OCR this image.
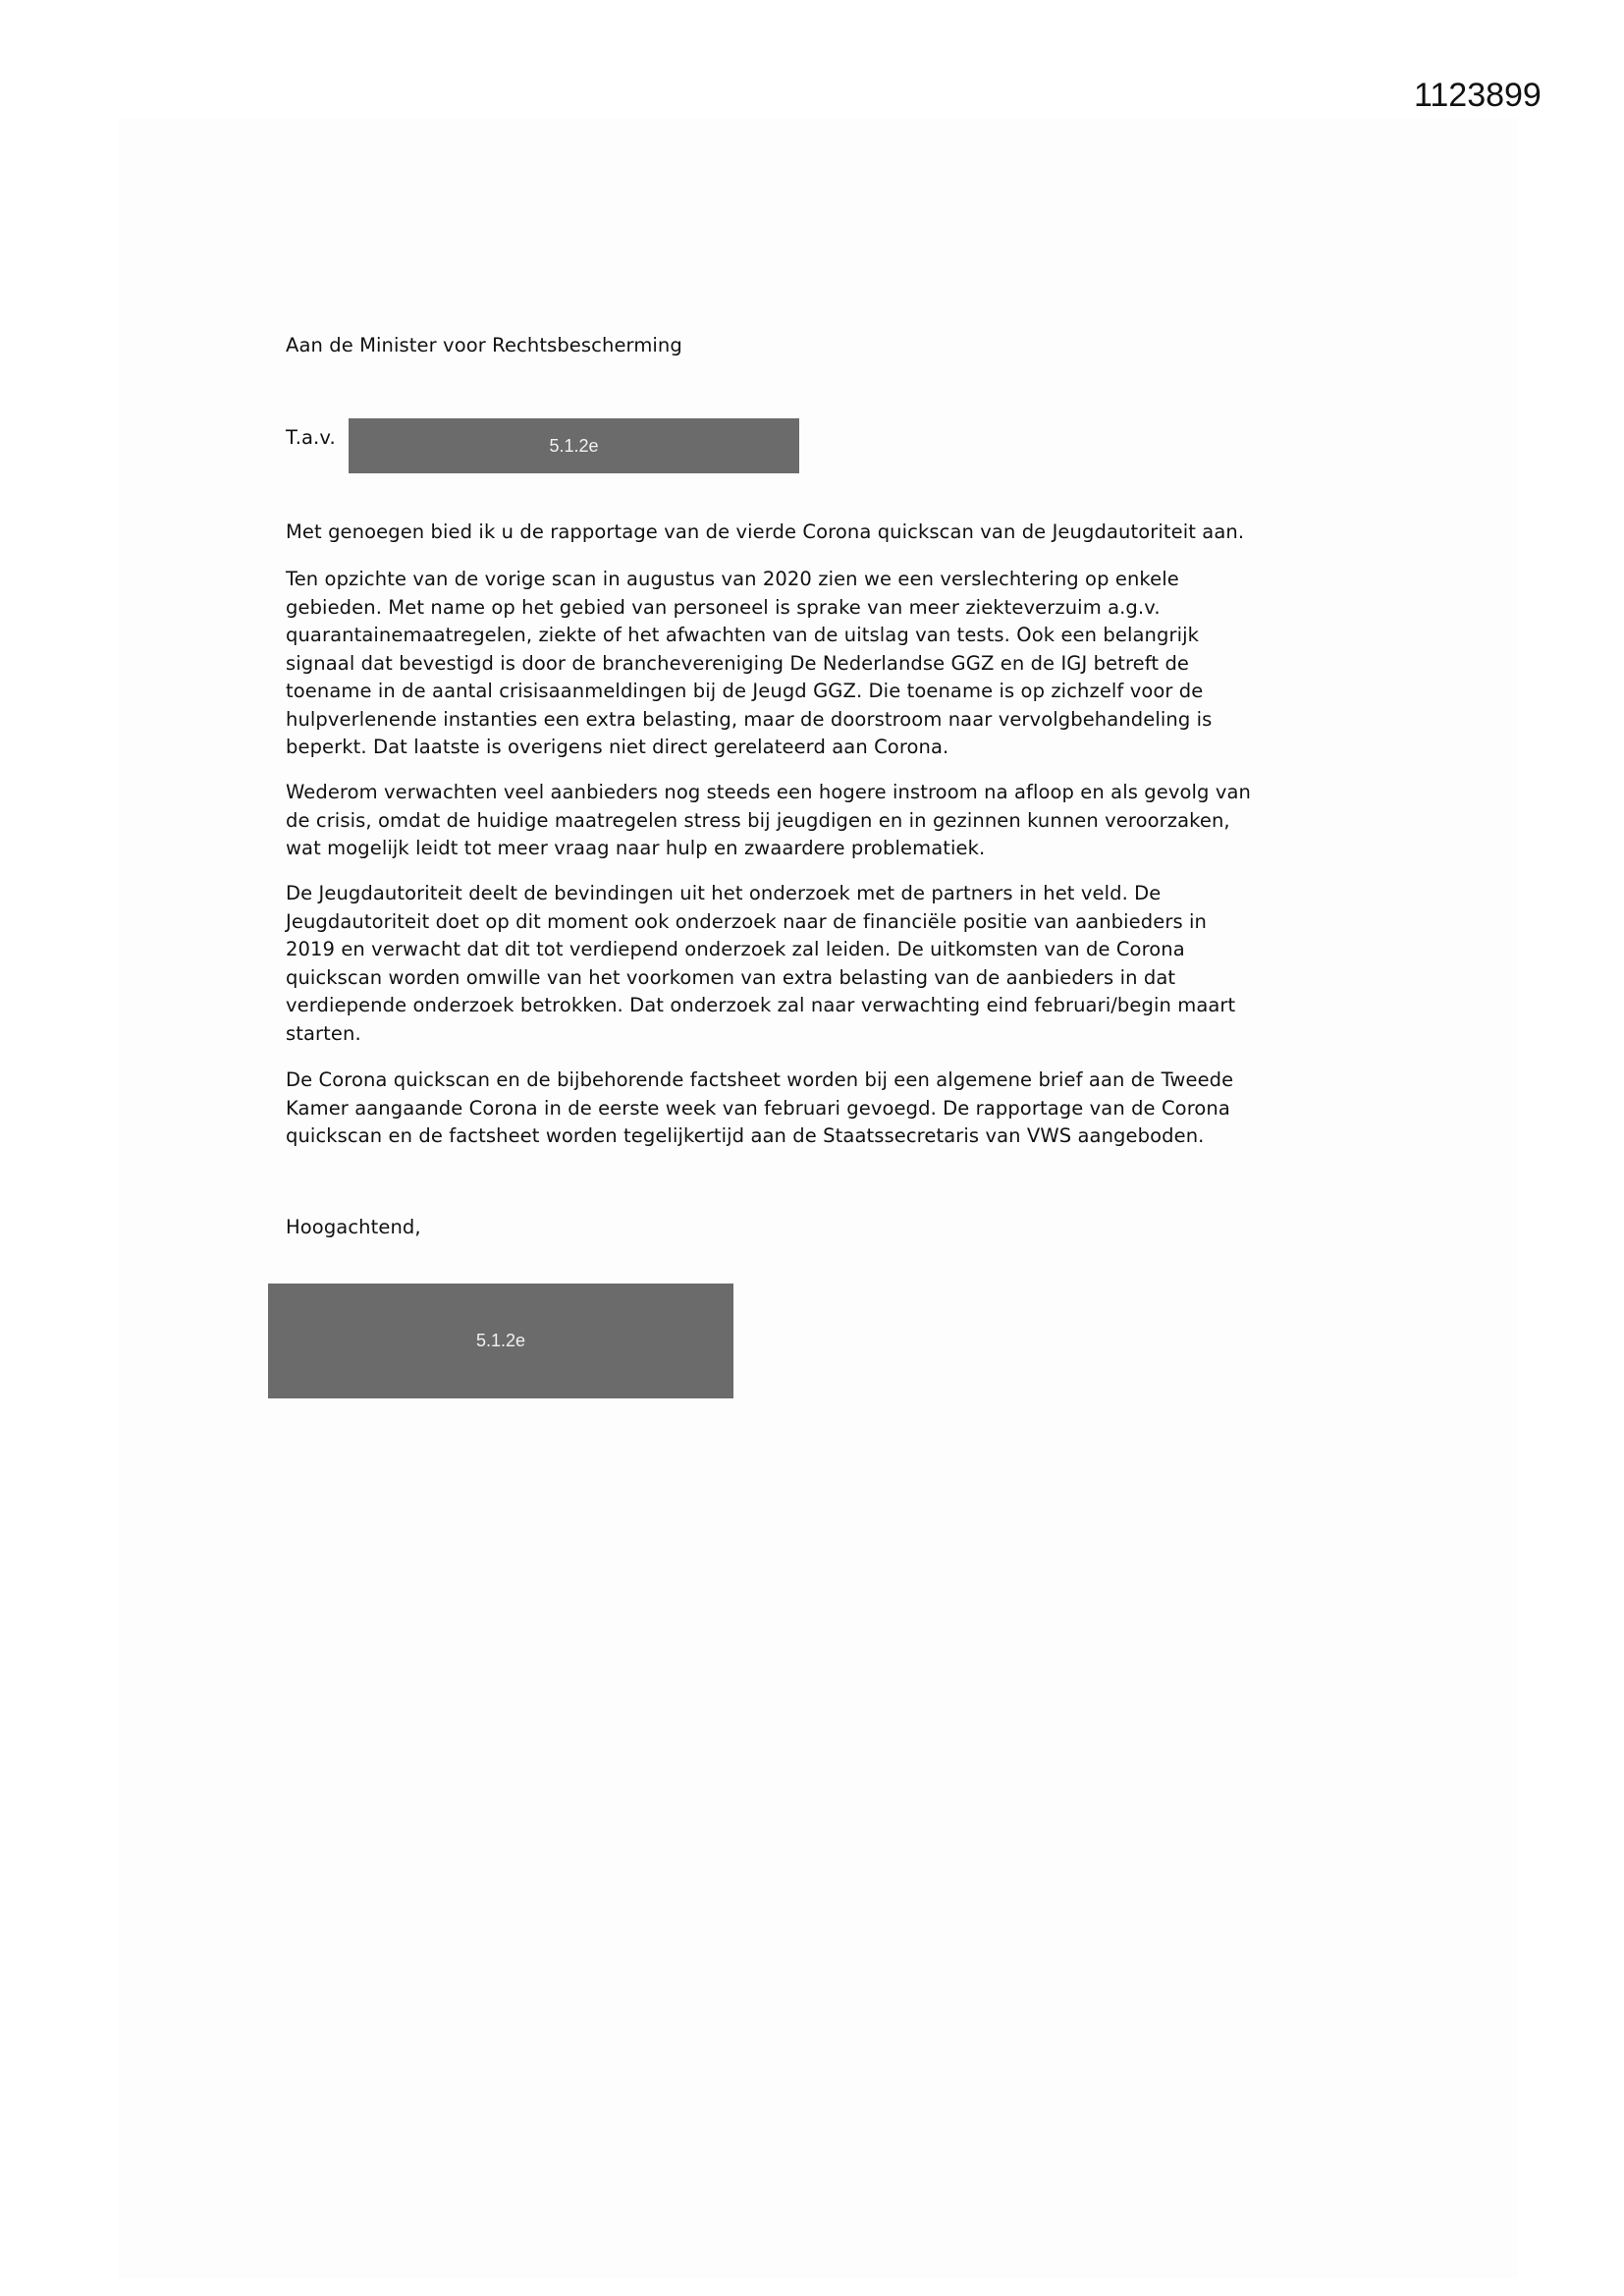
1123899
Aan de Minister voor Rechtsbescherming
T.a.v.	5.1.2e
Met genoegen bied ik u de rapportage van de vierde Corona quickscan van de Jeugdautoriteit aan.
Ten opzichte van de vorige scan in augustus van 2020 zien we een verslechtering op enkele
gebieden. Met name op het gebied van personeel is sprake van meer ziekteverzuim a.g.v.
quarantainemaatregelen, ziekte of het afwachten van de uitslag van tests. Ook een belangrijk
signaal dat bevestigd is door de branchevereniging De Nederlandse GGZ en de IGJ betreft de
toename in de aantal crisisaanmeldingen bij de Jeugd GGZ. Die toename is op zichzelf voor de
hulpverlenende instanties een extra belasting, maar de doorstroom naar vervolgbehandeling is
beperkt. Dat laatste is overigens niet direct gerelateerd aan Corona.
Wederom verwachten veel aanbieders nog steeds een hogere instroom na afloop en als gevolg van
de crisis, omdat de huidige maatregelen stress bij jeugdigen en in gezinnen kunnen veroorzaken,
wat mogelijk leidt tot meer vraag naar hulp en zwaardere problematiek.
De Jeugdautoriteit deelt de bevindingen uit het onderzoek met de partners in het veld. De
Jeugdautoriteit doet op dit moment ook onderzoek naar de financiële positie van aanbieders in
2019 en verwacht dat dit tot verdiepend onderzoek zal leiden. De uitkomsten van de Corona
quickscan worden omwille van het voorkomen van extra belasting van de aanbieders in dat
verdiepende onderzoek betrokken. Dat onderzoek zal naar verwachting eind februari/begin maart
starten.
De Corona quickscan en de bijbehorende factsheet worden bij een algemene brief aan de Tweede
Kamer aangaande Corona in de eerste week van februari gevoegd. De rapportage van de Corona
quickscan en de factsheet worden tegelijkertijd aan de Staatssecretaris van VWS aangeboden.
Hoogachtend,
5.1.2e
